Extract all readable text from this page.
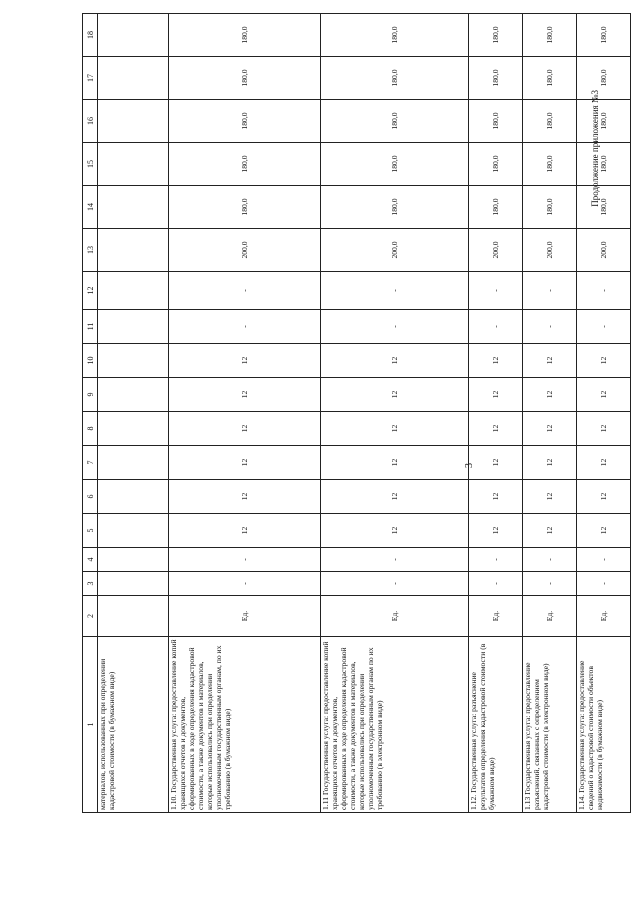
3
Продолжение приложения №3
1	2	3	4	5	6	7	8	9	10	11	12	13	14	15	16	17	18
материалов, использованных при определении кадастровой стоимости (в бумажном виде)																	
1.10. Государственная услуга: предоставление копий хранящихся отчетов и документов, сформированных в ходе определения кадастровой стоимости, а также документов и материалов, которые использовались при определении уполномоченным государственным органам, по их требованию (в бумажном виде)	Ед.	-	-	12	12	12	12	12	12	-	-	200,0	180,0	180,0	180,0	180,0	180,0
1.11 Государственная услуга: предоставление копий хранящихся отчетов и документов, сформированных в ходе определения кадастровой стоимости, а также документов и материалов, которые использовались при определении уполномоченным государственным органам по их требованию (в электронном виде)	Ед.	-	-	12	12	12	12	12	12	-	-	200,0	180,0	180,0	180,0	180,0	180,0
1.12. Государственная услуга: разъяснение результатов определения кадастровой стоимости (в бумажном виде)	Ед.	-	-	12	12	12	12	12	12	-	-	200,0	180,0	180,0	180,0	180,0	180,0
1.13 Государственная услуга: предоставление разъяснений, связанных с определением кадастровой стоимости (в электронном виде)	Ед.	-	-	12	12	12	12	12	12	-	-	200,0	180,0	180,0	180,0	180,0	180,0
1.14. Государственная услуга: предоставление сведений о кадастровой стоимости объектов недвижимости (в бумажном виде)	Ед.	-	-	12	12	12	12	12	12	-	-	200,0	180,0	180,0	180,0	180,0	180,0
